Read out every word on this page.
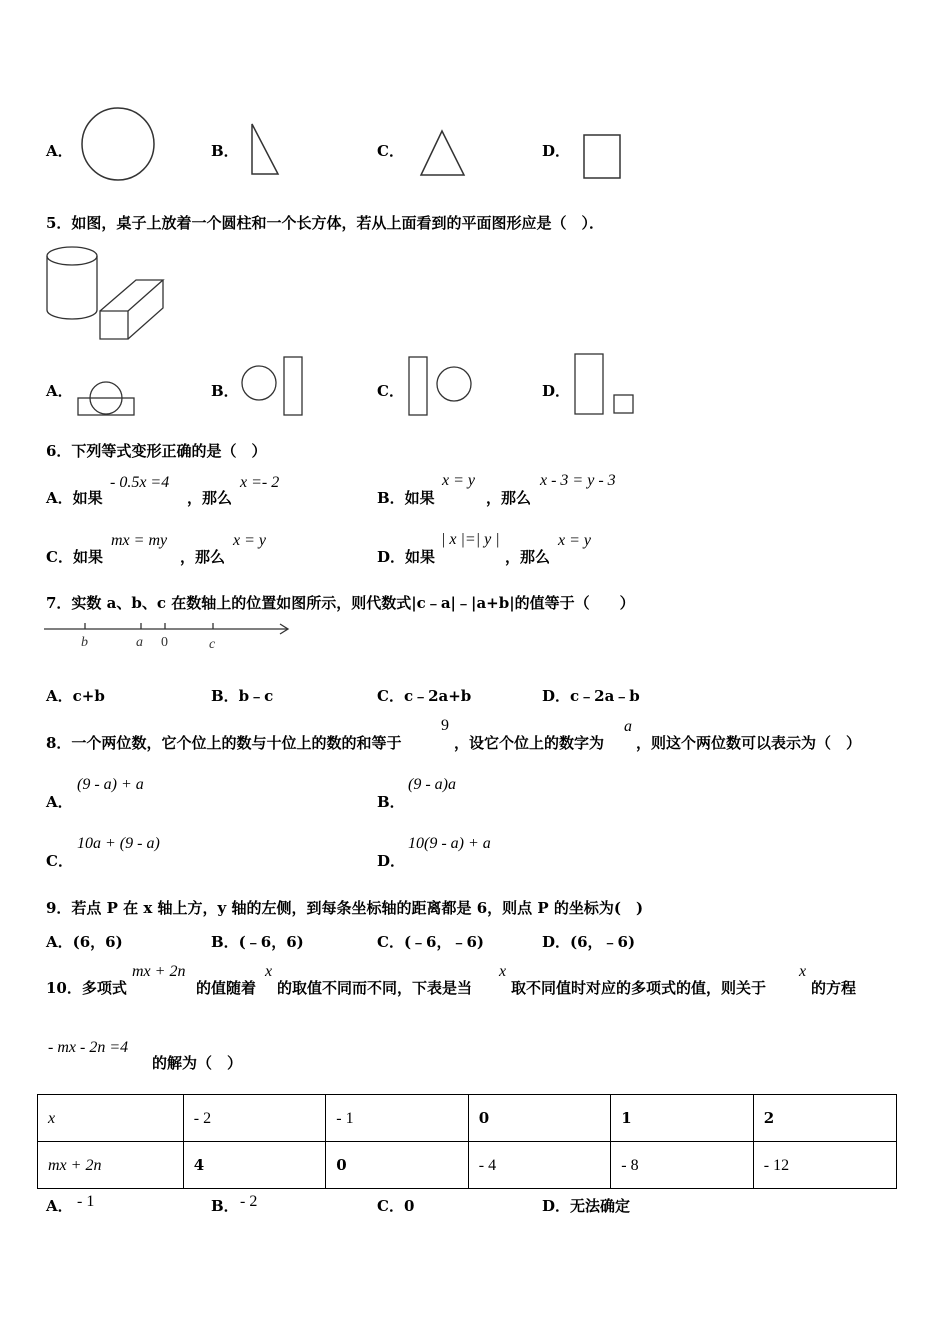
A．	B．	C．	D．
5．如图，桌子上放着一个圆柱和一个长方体，若从上面看到的平面图形应是（　）．
A．	B．	C．	D．
6．下列等式变形正确的是（　）
A．如果
- 0.5x =4
，那么
x =- 2
B．如果
x = y
，那么
x - 3 = y - 3
C．如果
mx = my
，那么
x = y
D．如果
| x |=| y |
，那么
x = y
7．实数 a、b、c 在数轴上的位置如图所示，则代数式|c﹣a|﹣|a+b|的值等于（　　）
b	a 0	c
A．c+b	B．b﹣c	C．c﹣2a+b	D．c﹣2a﹣b
8．一个两位数，它个位上的数与十位上的数的和等于
9
，设它个位上的数字为
a
，则这个两位数可以表示为（　）
A．
(9 - a) + a
B．
(9 - a)a
C．
10a + (9 - a)
D．
10(9 - a) + a
9．若点 P 在 x 轴上方，y 轴的左侧，到每条坐标轴的距离都是 6，则点 P 的坐标为(　)
A．(6，6)	B．(﹣6，6)	C．(﹣6，﹣6)	D．(6，﹣6)
10．多项式
mx + 2n
的值随着
x
的取值不同而不同，下表是当
x
取不同值时对应的多项式的值，则关于
x
的方程
- mx - 2n =4
的解为（　）
x	- 2	- 1	0	1	2
mx + 2n	4	0	- 4	- 8	- 12
A． - 1	B． - 2	C．0	D．无法确定
